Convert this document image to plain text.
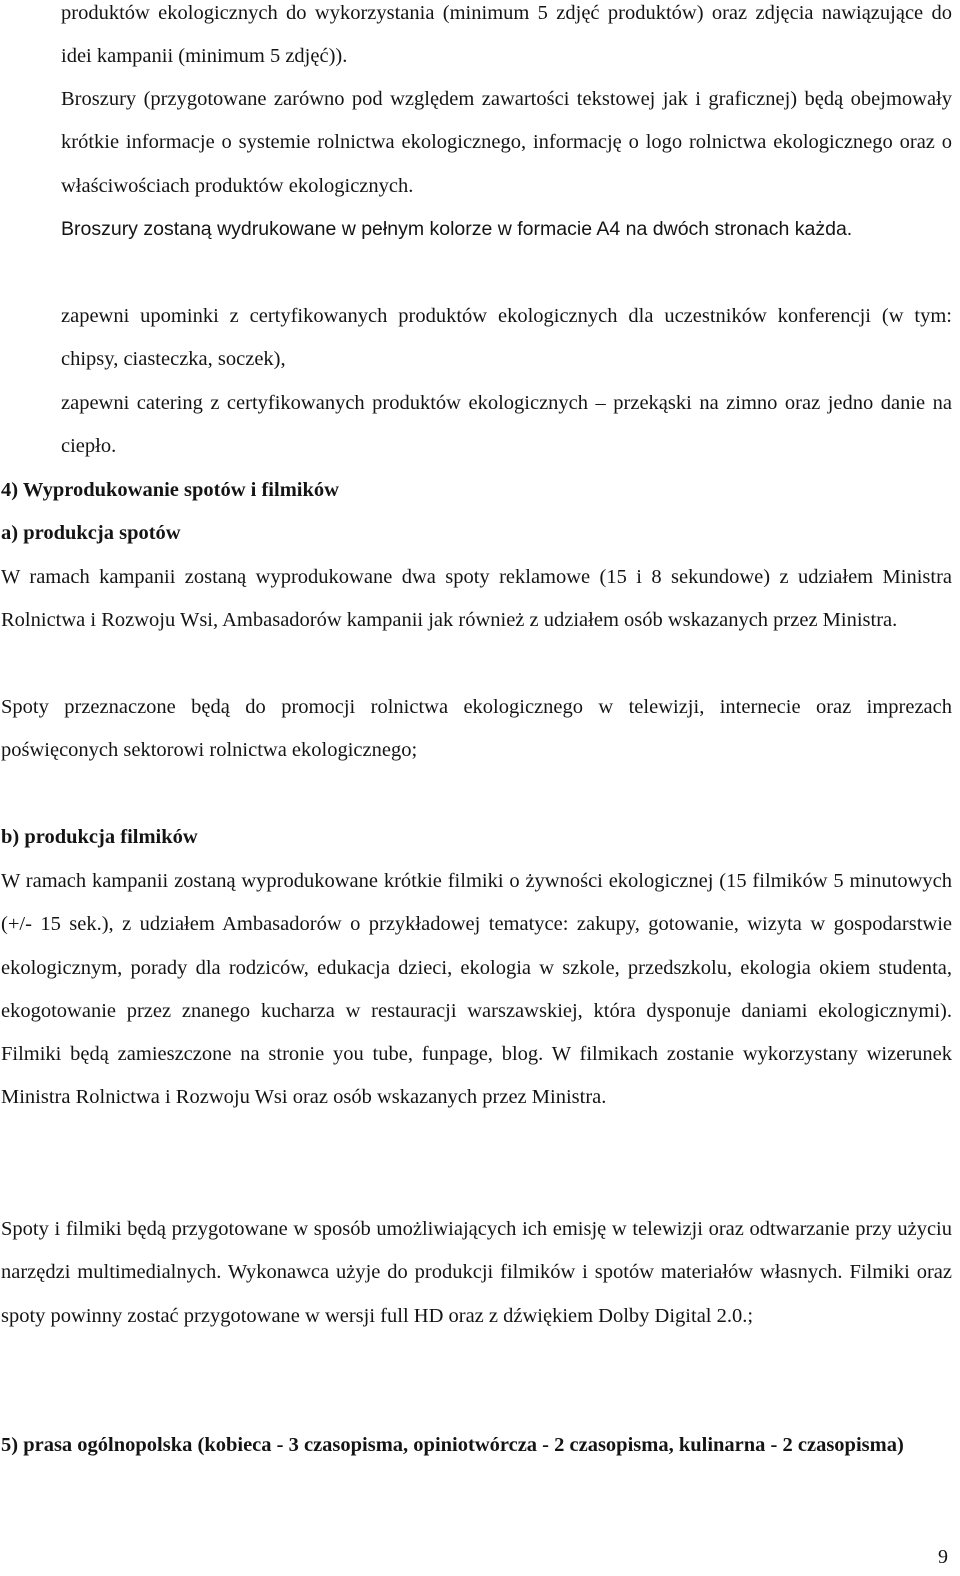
produktów ekologicznych do wykorzystania (minimum 5 zdjęć produktów) oraz zdjęcia nawiązujące do idei kampanii (minimum 5 zdjęć)).

Broszury (przygotowane zarówno pod względem zawartości tekstowej jak i graficznej) będą obejmowały krótkie informacje o systemie rolnictwa ekologicznego, informację o logo rolnictwa ekologicznego oraz o właściwościach produktów ekologicznych.

Broszury zostaną wydrukowane w pełnym kolorze w formacie A4 na dwóch stronach każda.

zapewni upominki z certyfikowanych produktów ekologicznych dla uczestników konferencji (w tym: chipsy, ciasteczka, soczek),

zapewni catering z certyfikowanych produktów ekologicznych – przekąski na zimno oraz jedno danie na ciepło.

4) Wyprodukowanie spotów i filmików

a) produkcja spotów

W ramach kampanii zostaną wyprodukowane dwa spoty reklamowe (15 i 8 sekundowe) z udziałem Ministra Rolnictwa i Rozwoju Wsi, Ambasadorów kampanii jak również z udziałem osób wskazanych przez Ministra.

Spoty przeznaczone będą do promocji rolnictwa ekologicznego w telewizji, internecie oraz imprezach poświęconych sektorowi rolnictwa ekologicznego;

b) produkcja filmików

W ramach kampanii zostaną wyprodukowane krótkie filmiki o żywności ekologicznej (15 filmików 5 minutowych (+/- 15 sek.), z udziałem Ambasadorów o przykładowej tematyce: zakupy, gotowanie, wizyta w gospodarstwie ekologicznym, porady dla rodziców, edukacja dzieci, ekologia w szkole, przedszkolu, ekologia okiem studenta, ekogotowanie przez znanego kucharza w restauracji warszawskiej, która dysponuje daniami ekologicznymi). Filmiki będą zamieszczone na stronie you tube, funpage, blog. W filmikach zostanie wykorzystany wizerunek Ministra Rolnictwa i Rozwoju Wsi oraz osób wskazanych przez Ministra.

Spoty i filmiki będą przygotowane w sposób umożliwiających ich emisję w telewizji oraz odtwarzanie przy użyciu narzędzi multimedialnych. Wykonawca użyje do produkcji filmików i spotów materiałów własnych. Filmiki oraz spoty powinny zostać przygotowane w wersji full HD oraz z dźwiękiem Dolby Digital 2.0.;

5) prasa ogólnopolska (kobieca - 3 czasopisma, opiniotwórcza - 2 czasopisma, kulinarna - 2 czasopisma)

9
